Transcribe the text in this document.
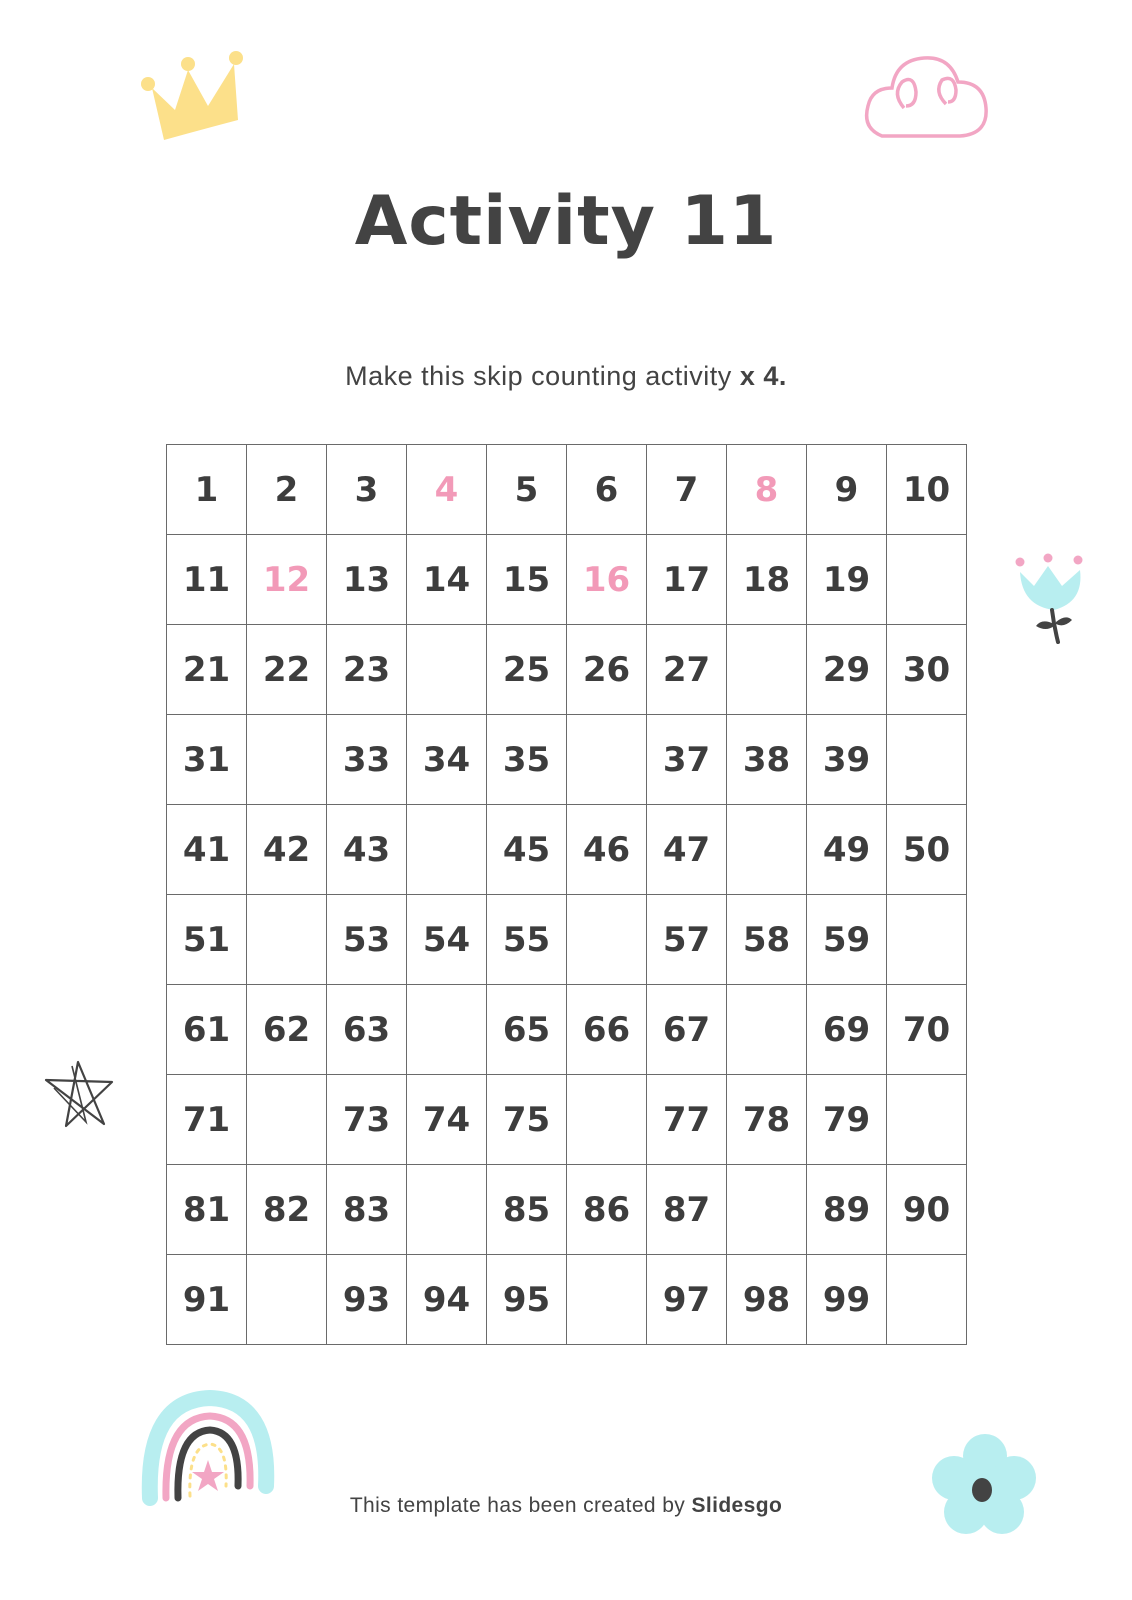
Activity 11
Make this skip counting activity x 4.
1	2	3	4	5	6	7	8	9	10
11	12	13	14	15	16	17	18	19	
21	22	23		25	26	27		29	30
31		33	34	35		37	38	39	
41	42	43		45	46	47		49	50
51		53	54	55		57	58	59	
61	62	63		65	66	67		69	70
71		73	74	75		77	78	79	
81	82	83		85	86	87		89	90
91		93	94	95		97	98	99	
This template has been created by Slidesgo
